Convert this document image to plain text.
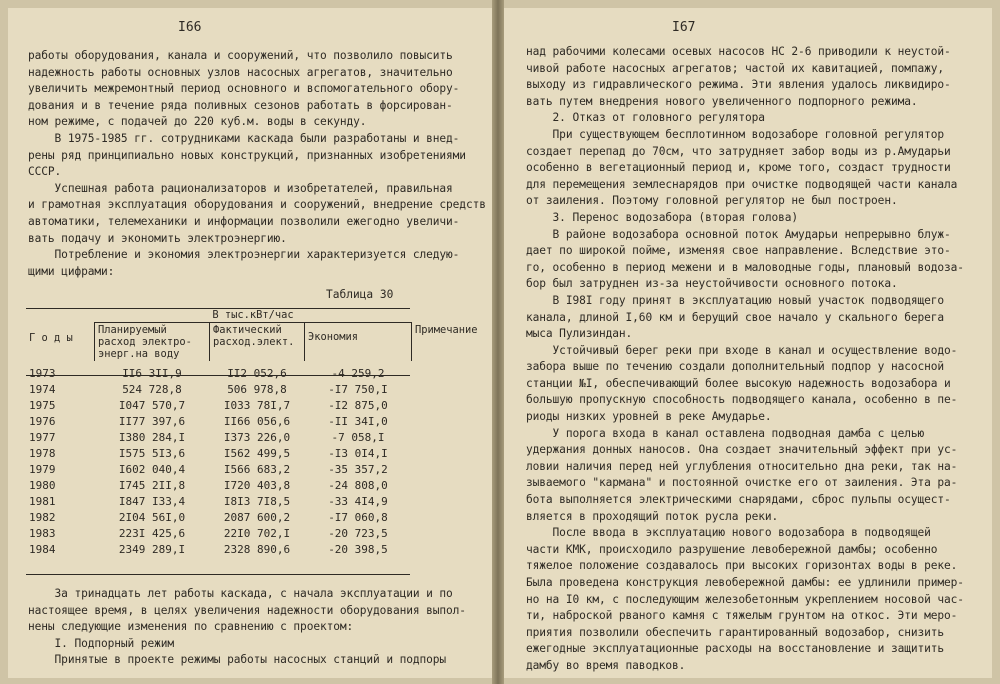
I66
работы оборудования, канала и сооружений, что позволило повысить
надежность работы основных узлов насосных агрегатов, значительно
увеличить межремонтный период основного и вспомогательного обору-
дования и в течение ряда поливных сезонов работать в форсирован-
ном режиме, с подачей до 220 куб.м. воды в секунду.
В 1975-1985 гг. сотрудниками каскада были разработаны и внед-
рены ряд принципиально новых конструкций, признанных изобретениями
СССР.
Успешная работа рационализаторов и изобретателей, правильная
и грамотная эксплуатация оборудования и сооружений, внедрение средств
автоматики, телемеханики и информации позволили ежегодно увеличи-
вать подачу и экономить электроэнергию.
Потребление и экономия электроэнергии характеризуется следую-
щими цифрами:
Таблица 30
Г о д ы	В тыс.кВт/час			Примечание
	Планируемый расход электро- энерг.на воду	Фактический расход.элект.	Экономия	
1973	II6 3II,9	II2 052,6	-4 259,2	
1974	524 728,8	506 978,8	-I7 750,I	
1975	I047 570,7	I033 78I,7	-I2 875,0	
1976	II77 397,6	II66 056,6	-II 34I,0	
1977	I380 284,I	I373 226,0	-7 058,I	
1978	I575 5I3,6	I562 499,5	-I3 0I4,I	
1979	I602 040,4	I566 683,2	-35 357,2	
1980	I745 2II,8	I720 403,8	-24 808,0	
1981	I847 I33,4	I8I3 7I8,5	-33 4I4,9	
1982	2I04 56I,0	2087 600,2	-I7 060,8	
1983	223I 425,6	22I0 702,I	-20 723,5	
1984	2349 289,I	2328 890,6	-20 398,5	
За тринадцать лет работы каскада, с начала эксплуатации и по
настоящее время, в целях увеличения надежности оборудования выпол-
нены следующие изменения по сравнению с проектом:
I. Подпорный режим
Принятые в проекте режимы работы насосных станций и подпоры
I67
над рабочими колесами осевых насосов НС 2-6 приводили к неустой-
чивой работе насосных агрегатов; частой их кавитацией, помпажу,
выходу из гидравлического режима. Эти явления удалось ликвидиро-
вать путем внедрения нового увеличенного подпорного режима.
2. Отказ от головного регулятора
При существующем бесплотинном водозаборе головной регулятор
создает перепад до 70см, что затрудняет забор воды из р.Амударьи
особенно в вегетационный период и, кроме того, создаст трудности
для перемещения землеснарядов при очистке подводящей части канала
от заиления. Поэтому головной регулятор не был построен.
3. Перенос водозабора (вторая голова)
В районе водозабора основной поток Амударьи непрерывно блуж-
дает по широкой пойме, изменяя свое направление. Вследствие это-
го, особенно в период межени и в маловодные годы, плановый водоза-
бор был затруднен из-за неустойчивости основного потока.
В I98I году принят в эксплуатацию новый участок подводящего
канала, длиной I,60 км и берущий свое начало у скального берега
мыса Пулизиндан.
Устойчивый берег реки при входе в канал и осуществление водо-
забора выше по течению создали дополнительный подпор у насосной
станции №I, обеспечивающий более высокую надежность водозабора и
большую пропускную способность подводящего канала, особенно в пе-
риоды низких уровней в реке Амударье.
У порога входа в канал оставлена подводная дамба с целью
удержания донных наносов. Она создает значительный эффект при ус-
ловии наличия перед ней углубления относительно дна реки, так на-
зываемого "кармана" и постоянной очистке его от заиления. Эта ра-
бота выполняется электрическими снарядами, сброс пульпы осущест-
вляется в проходящий поток русла реки.
После ввода в эксплуатацию нового водозабора в подводящей
части КМК, происходило разрушение левобережной дамбы; особенно
тяжелое положение создавалось при высоких горизонтах воды в реке.
Была проведена конструкция левобережной дамбы: ее удлинили пример-
но на I0 км, с последующим железобетонным укреплением носовой час-
ти, наброской рваного камня с тяжелым грунтом на откос. Эти меро-
приятия позволили обеспечить гарантированный водозабор, снизить
ежегодные эксплуатационные расходы на восстановление и защитить
дамбу во время паводков.
